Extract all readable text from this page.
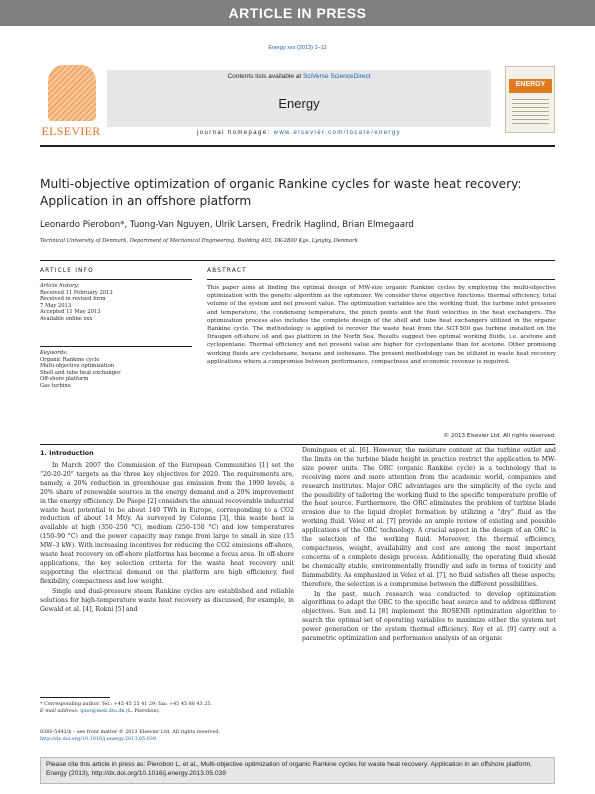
ARTICLE IN PRESS
Energy xxx (2013) 1–12
ELSEVIER
Contents lists available at SciVerse ScienceDirect
Energy
journal homepage: www.elsevier.com/locate/energy
ENERGY
Multi-objective optimization of organic Rankine cycles for waste heat recovery: Application in an offshore platform
Leonardo Pierobon*, Tuong-Van Nguyen, Ulrik Larsen, Fredrik Haglind, Brian Elmegaard
Technical University of Denmark, Department of Mechanical Engineering, Building 403, DK-2800 Kgs. Lyngby, Denmark
ARTICLE INFO	ABSTRACT
Article history:
Received 11 February 2013
Received in revised form
7 May 2013
Accepted 11 May 2013
Available online xxx
Keywords:
Organic Rankine cycle
Multi-objective optimization
Shell and tube heat exchanger
Off-shore platform
Gas turbine
This paper aims at finding the optimal design of MW-size organic Rankine cycles by employing the multi-objective optimization with the genetic algorithm as the optimizer. We consider three objective functions: thermal efficiency, total volume of the system and net present value. The optimization variables are the working fluid, the turbine inlet pressure and temperature, the condensing temperature, the pinch points and the fluid velocities in the heat exchangers. The optimization process also includes the complete design of the shell and tube heat exchangers utilized in the organic Rankine cycle. The methodology is applied to recover the waste heat from the SGT-500 gas turbine installed on the Draugen off-shore oil and gas platform in the North Sea. Results suggest two optimal working fluids, i.e. acetone and cyclopentane. Thermal efficiency and net present value are higher for cyclopentane than for acetone. Other promising working fluids are cyclohexane, hexane and isohexane. The present methodology can be utilized in waste heat recovery applications where a compromise between performance, compactness and economic revenue is required.
© 2013 Elsevier Ltd. All rights reserved.
1. Introduction

In March 2007 the Commission of the European Communities [1] set the “20-20-20” targets as the three key objectives for 2020. The requirements are, namely, a 20% reduction in greenhouse gas emission from the 1990 levels, a 20% share of renewable sources in the energy demand and a 20% improvement in the energy efficiency. De Paepe [2] considers the annual recoverable industrial waste heat potential to be about 140 TWh in Europe, corresponding to a CO2 reduction of about 14 Mt/y. As surveyed by Colonna [3], this waste heat is available at high (350–250 °C), medium (250–150 °C) and low temperatures (150–90 °C) and the power capacity may range from large to small in size (15 MW–3 kW). With increasing incentives for reducing the CO2 emissions off-shore, waste heat recovery on off-shore platforms has become a focus area. In off-shore applications, the key selection criteria for the waste heat recovery unit supporting the electrical demand on the platform are high efficiency, fuel flexibility, compactness and low weight.

Single and dual-pressure steam Rankine cycles are established and reliable solutions for high-temperature waste heat recovery as discussed, for example, in Gewald et al. [4], Rokni [5] and

Domingues et al. [6]. However, the moisture content at the turbine outlet and the limits on the turbine blade height in practice restrict the application to MW-size power units. The ORC (organic Rankine cycle) is a technology that is receiving more and more attention from the academic world, companies and research institutes. Major ORC advantages are the simplicity of the cycle and the possibility of tailoring the working fluid to the specific temperature profile of the heat source. Furthermore, the ORC eliminates the problem of turbine blade erosion due to the liquid droplet formation by utilizing a “dry” fluid as the working fluid. Vélez et al. [7] provide an ample review of existing and possible applications of the ORC technology. A crucial aspect in the design of an ORC is the selection of the working fluid. Moreover, the thermal efficiency, compactness, weight, availability and cost are among the most important concerns of a complete design process. Additionally, the operating fluid should be chemically stable, environmentally friendly and safe in terms of toxicity and flammability. As emphasized in Velez et al. [7], no fluid satisfies all these aspects; therefore, the selection is a compromise between the different possibilities.

In the past, much research was conducted to develop optimization algorithms to adapt the ORC to the specific heat source and to address different objectives. Sun and Li [8] implement the ROSENB optimization algorithm to search the optimal set of operating variables to maximize either the system net power generation or the system thermal efficiency. Roy et al. [9] carry out a parametric optimization and performance analysis of an organic

* Corresponding author. Tel.: +45 45 25 41 29; fax: +45 45 88 43 25.
E-mail address: lpier@mek.dtu.dk (L. Pierobon).
0360-5442/$ – see front matter © 2013 Elsevier Ltd. All rights reserved.
http://dx.doi.org/10.1016/j.energy.2013.05.039
Please cite this article in press as: Pierobon L, et al., Multi-objective optimization of organic Rankine cycles for waste heat recovery: Application in an offshore platform, Energy (2013), http://dx.doi.org/10.1016/j.energy.2013.05.039
